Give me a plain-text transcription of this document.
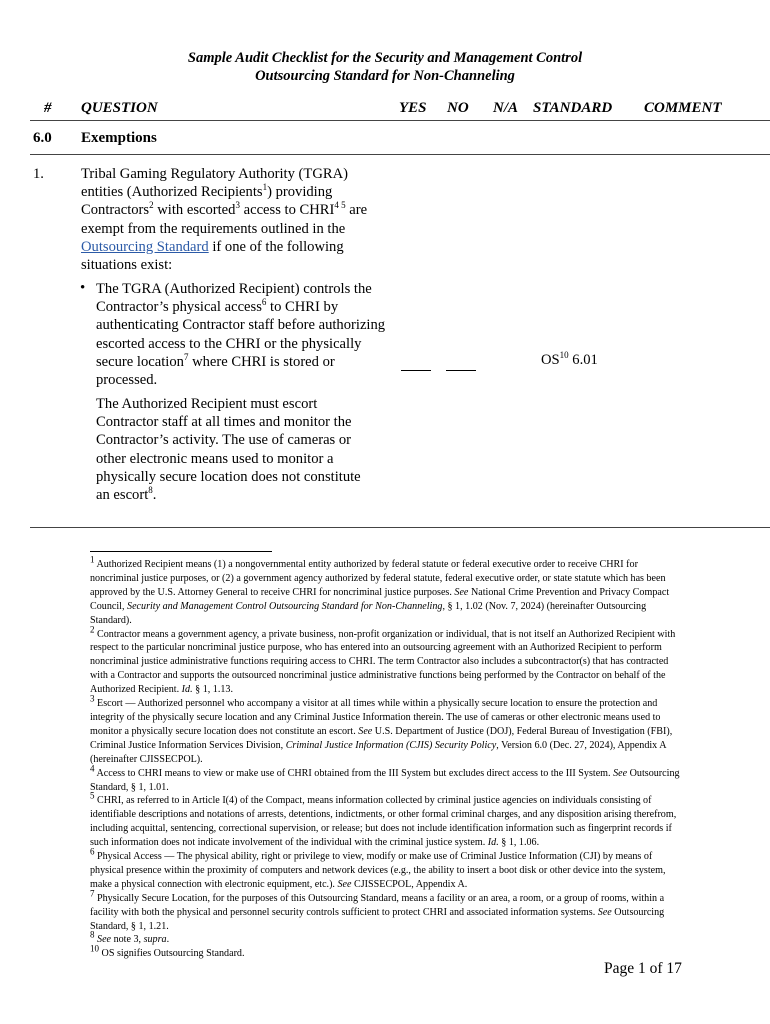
Sample Audit Checklist for the Security and Management Control
Outsourcing Standard for Non-Channeling
# QUESTION	YES NO N/A STANDARD COMMENT
6.0 Exemptions
1.	Tribal Gaming Regulatory Authority (TGRA) entities (Authorized Recipients$^1$) providing Contractors$^2$ with escorted$^3$ access to $CHRI^{4 5}$ are exempt from the requirements outlined in the Outsourcing Standard if one of the following situations exist:
• The TGRA (Authorized Recipient) controls the Contractor’s physical access$^6$ to CHRI by authenticating Contractor staff before authorizing escorted access to the CHRI or the physically secure location$^7$ where CHRI is stored or processed.
The Authorized Recipient must escort Contractor staff at all times and monitor the Contractor’s activity. The use of cameras or other electronic means used to monitor a physically secure location does not constitute an escort$^8$.
OS$^{10}$ 6.01

$^1$ Authorized Recipient means (1) a nongovernmental entity authorized by federal statute or federal executive order to receive CHRI for noncriminal justice purposes, or (2) a government agency authorized by federal statute, federal executive order, or state statute which has been approved by the U.S. Attorney General to receive CHRI for noncriminal justice purposes. See National Crime Prevention and Privacy Compact Council, Security and Management Control Outsourcing Standard for Non-Channeling, § 1, 1.02 (Nov. 7, 2024) (hereinafter Outsourcing Standard).

$^2$ Contractor means a government agency, a private business, non-profit organization or individual, that is not itself an Authorized Recipient with respect to the particular noncriminal justice purpose, who has entered into an outsourcing agreement with an Authorized Recipient to perform noncriminal justice administrative functions requiring access to CHRI. The term Contractor also includes a subcontractor(s) that has contracted with a Contractor and supports the outsourced noncriminal justice administrative functions being performed by the Contractor on behalf of the Authorized Recipient. Id. § 1, 1.13.

$^3$ Escort — Authorized personnel who accompany a visitor at all times while within a physically secure location to ensure the protection and integrity of the physically secure location and any Criminal Justice Information therein. The use of cameras or other electronic means used to monitor a physically secure location does not constitute an escort. See U.S. Department of Justice (DOJ), Federal Bureau of Investigation (FBI), Criminal Justice Information Services Division, Criminal Justice Information (CJIS) Security Policy, Version 6.0 (Dec. 27, 2024), Appendix A (hereinafter CJISSECPOL).

$^4$ Access to CHRI means to view or make use of CHRI obtained from the III System but excludes direct access to the III System. See Outsourcing Standard, § 1, 1.01.

$^5$ CHRI, as referred to in Article I(4) of the Compact, means information collected by criminal justice agencies on individuals consisting of identifiable descriptions and notations of arrests, detentions, indictments, or other formal criminal charges, and any disposition arising therefrom, including acquittal, sentencing, correctional supervision, or release; but does not include identification information such as fingerprint records if such information does not indicate involvement of the individual with the criminal justice system. Id. § 1, 1.06.

$^6$ Physical Access — The physical ability, right or privilege to view, modify or make use of Criminal Justice Information (CJI) by means of physical presence within the proximity of computers and network devices (e.g., the ability to insert a boot disk or other device into the system, make a physical connection with electronic equipment, etc.). See CJISSECPOL, Appendix A.

$^7$ Physically Secure Location, for the purposes of this Outsourcing Standard, means a facility or an area, a room, or a group of rooms, within a facility with both the physical and personnel security controls sufficient to protect CHRI and associated information systems. See Outsourcing Standard, § 1, 1.21.

$^8$ See note 3, supra.

$^{10}$ OS signifies Outsourcing Standard.

Page 1 of 17
